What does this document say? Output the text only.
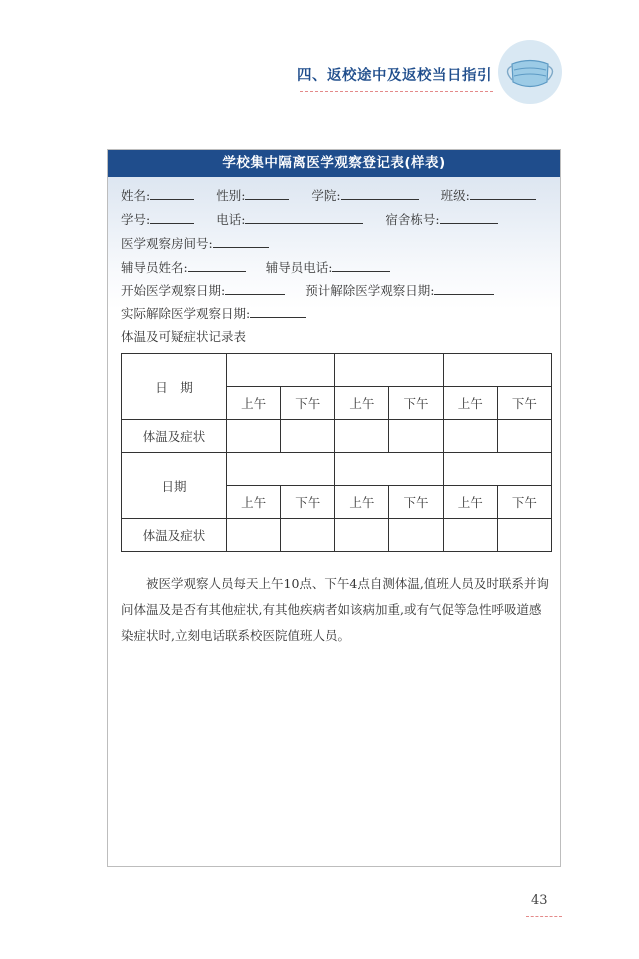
四、返校途中及返校当日指引
学校集中隔离医学观察登记表(样表)
姓名:	性别:	学院:	班级:
学号:	电话:	宿舍栋号:
医学观察房间号:
辅导员姓名:	辅导员电话:
开始医学观察日期:	预计解除医学观察日期:
实际解除医学观察日期:
体温及可疑症状记录表
日　期						
	上午	下午	上午	下午	上午	下午
体温及症状						
日期						
	上午	下午	上午	下午	上午	下午
体温及症状						

被医学观察人员每天上午10点、下午4点自测体温,值班人员及时联系并询问体温及是否有其他症状,有其他疾病者如该病加重,或有气促等急性呼吸道感染症状时,立刻电话联系校医院值班人员。

43
